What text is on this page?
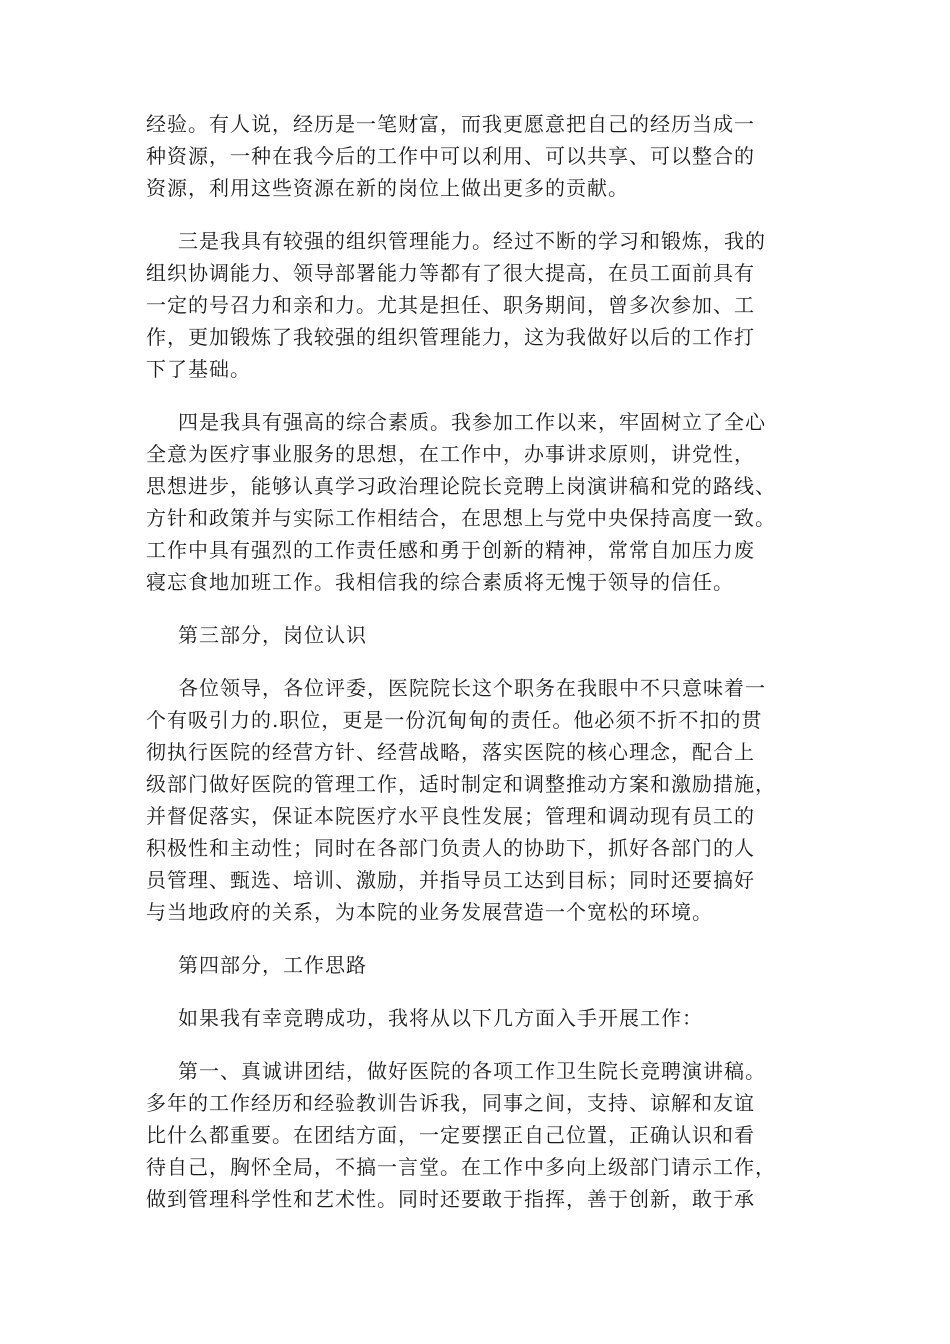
经验。有人说，经历是一笔财富，而我更愿意把自己的经历当成一
种资源，一种在我今后的工作中可以利用、可以共享、可以整合的
资源，利用这些资源在新的岗位上做出更多的贡献。
三是我具有较强的组织管理能力。经过不断的学习和锻炼，我的
组织协调能力、领导部署能力等都有了很大提高，在员工面前具有
一定的号召力和亲和力。尤其是担任、职务期间，曾多次参加、工
作，更加锻炼了我较强的组织管理能力，这为我做好以后的工作打
下了基础。
四是我具有强高的综合素质。我参加工作以来，牢固树立了全心
全意为医疗事业服务的思想，在工作中，办事讲求原则，讲党性，
思想进步，能够认真学习政治理论院长竞聘上岗演讲稿和党的路线、
方针和政策并与实际工作相结合，在思想上与党中央保持高度一致。
工作中具有强烈的工作责任感和勇于创新的精神，常常自加压力废
寝忘食地加班工作。我相信我的综合素质将无愧于领导的信任。
第三部分，岗位认识
各位领导，各位评委，医院院长这个职务在我眼中不只意味着一
个有吸引力的.职位，更是一份沉甸甸的责任。他必须不折不扣的贯
彻执行医院的经营方针、经营战略，落实医院的核心理念，配合上
级部门做好医院的管理工作，适时制定和调整推动方案和激励措施，
并督促落实，保证本院医疗水平良性发展；管理和调动现有员工的
积极性和主动性；同时在各部门负责人的协助下，抓好各部门的人
员管理、甄选、培训、激励，并指导员工达到目标；同时还要搞好
与当地政府的关系，为本院的业务发展营造一个宽松的环境。
第四部分，工作思路
如果我有幸竞聘成功，我将从以下几方面入手开展工作：
第一、真诚讲团结，做好医院的各项工作卫生院长竞聘演讲稿。
多年的工作经历和经验教训告诉我，同事之间，支持、谅解和友谊
比什么都重要。在团结方面，一定要摆正自己位置，正确认识和看
待自己，胸怀全局，不搞一言堂。在工作中多向上级部门请示工作，
做到管理科学性和艺术性。同时还要敢于指挥，善于创新，敢于承
